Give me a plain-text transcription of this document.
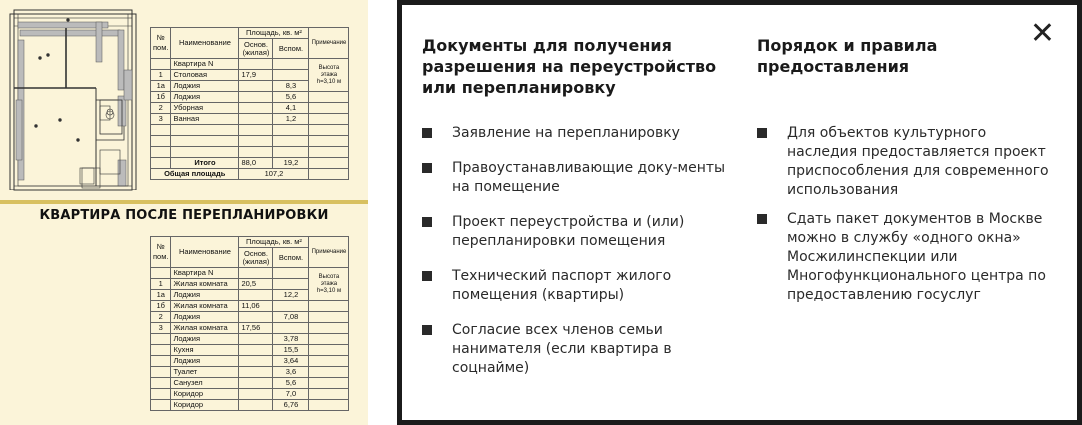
№ пом.	Наименование	Площадь, кв. м²		Примечание
		Основ. (жилая)	Вспом.	
	Квартира N			Высота этажа h=3,10 м
1	Столовая	17,9		
1а	Лоджия		8,3	
1б	Лоджия		5,6	
2	Уборная		4,1	
3	Ванная		1,2	

	Итого	88,0	19,2	
Общая площадь		107,2		
КВАРТИРА ПОСЛЕ ПЕРЕПЛАНИРОВКИ
№ пом.	Наименование	Площадь, кв. м²		Примечание
		Основ. (жилая)	Вспом.	
	Квартира N			Высота этажа h=3,10 м
1	Жилая комната	20,5		
1а	Лоджия		12,2	
1б	Жилая комната	11,06		
2	Лоджия		7,08	
3	Жилая комната	17,56		
	Лоджия		3,78	
	Кухня		15,5	
	Лоджия		3,64	
	Туалет		3,6	
	Санузел		5,6	
	Коридор		7,0	
	Коридор		6,76	
✕
Документы для получения разрешения на переустройство или перепланировку
Заявление на перепланировку
Правоустанавливающие доку-менты на помещение
Проект переустройства и (или) перепланировки помещения
Технический паспорт жилого помещения (квартиры)
Согласие всех членов семьи нанимателя (если квартира в соцнайме)
Порядок и правила предоставления
Для объектов культурного наследия предоставляется проект приспособления для современного использования
Сдать пакет документов в Москве можно в службу «одного окна» Мосжилинспекции или Многофункционального центра по предоставлению госуслуг
